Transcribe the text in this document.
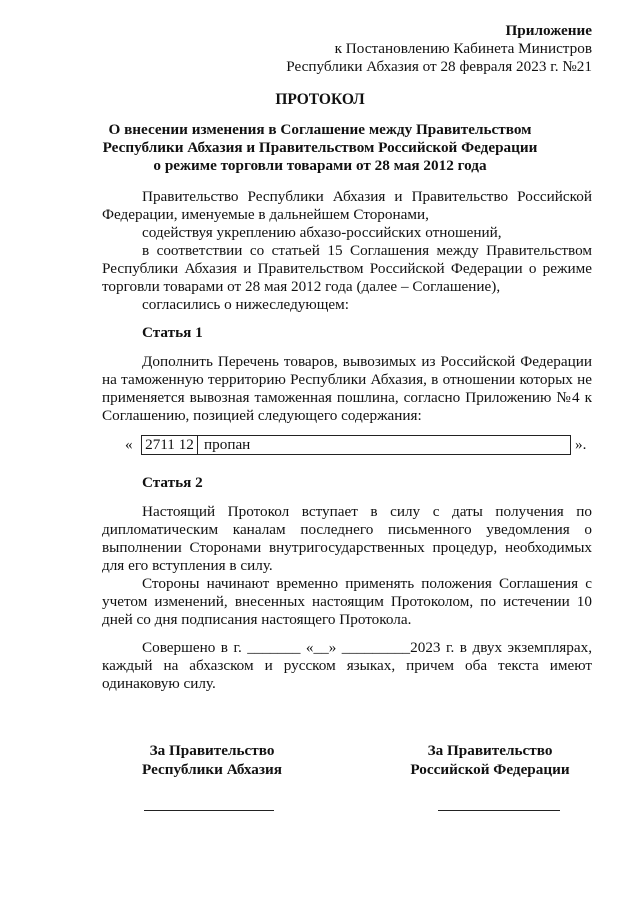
Приложение
к Постановлению Кабинета Министров
Республики Абхазия от 28 февраля 2023 г. №21
ПРОТОКОЛ
О внесении изменения в Соглашение между Правительством
Республики Абхазия и Правительством Российской Федерации
о режиме торговли товарами от 28 мая 2012 года
Правительство Республики Абхазия и Правительство Российской
Федерации, именуемые в дальнейшем Сторонами,
содействуя укреплению абхазо-российских отношений,
в соответствии со статьей 15 Соглашения между Правительством
Республики Абхазия и Правительством Российской Федерации о режиме
торговли товарами от 28 мая 2012 года (далее – Соглашение),
согласились о нижеследующем:
Статья 1
Дополнить Перечень товаров, вывозимых из Российской Федерации
на таможенную территорию Республики Абхазия, в отношении которых не
применяется вывозная таможенная пошлина, согласно Приложению №4 к
Соглашению, позицией следующего содержания:
« 2711 12 пропан	».
Статья 2
Настоящий Протокол вступает в силу с даты получения по
дипломатическим каналам последнего письменного уведомления о
выполнении Сторонами внутригосударственных процедур, необходимых
для его вступления в силу.
Стороны начинают временно применять положения Соглашения с
учетом изменений, внесенных настоящим Протоколом, по истечении 10
дней со дня подписания настоящего Протокола.
Совершено в г. _______ «__» _________2023 г. в двух экземплярах,
каждый на абхазском и русском языках, причем оба текста имеют
одинаковую силу.
За Правительство
Республики Абхазия
За Правительство
Российской Федерации
